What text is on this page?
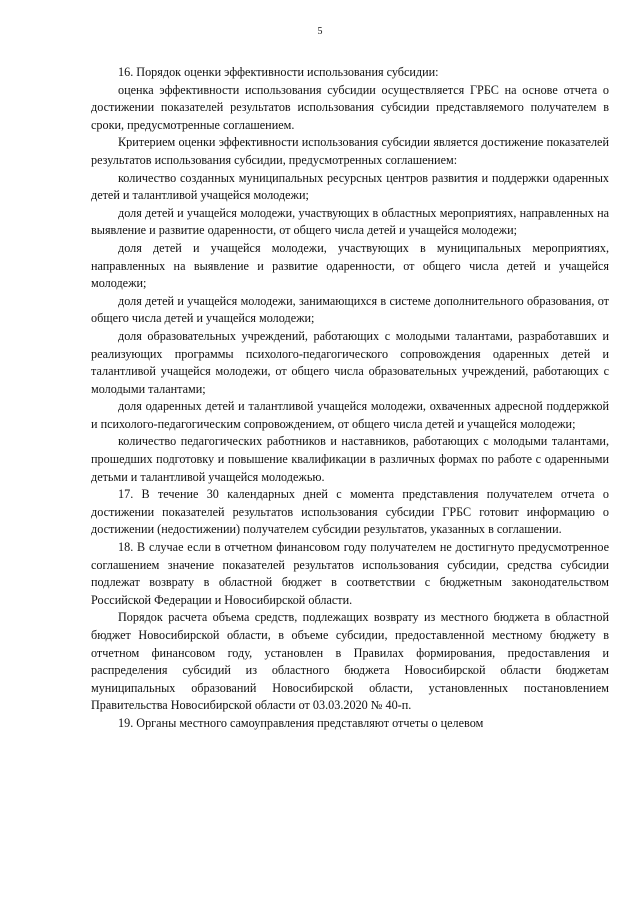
5

16. Порядок оценки эффективности использования субсидии:

оценка эффективности использования субсидии осуществляется ГРБС на основе отчета о достижении показателей результатов использования субсидии представляемого получателем в сроки, предусмотренные соглашением.

Критерием оценки эффективности использования субсидии является достижение показателей результатов использования субсидии, предусмотренных соглашением:

количество созданных муниципальных ресурсных центров развития и поддержки одаренных детей и талантливой учащейся молодежи;

доля детей и учащейся молодежи, участвующих в областных мероприятиях, направленных на выявление и развитие одаренности, от общего числа детей и учащейся молодежи;

доля детей и учащейся молодежи, участвующих в муниципальных мероприятиях, направленных на выявление и развитие одаренности, от общего числа детей и учащейся молодежи;

доля детей и учащейся молодежи, занимающихся в системе дополнительного образования, от общего числа детей и учащейся молодежи;

доля образовательных учреждений, работающих с молодыми талантами, разработавших и реализующих программы психолого-педагогического сопровождения одаренных детей и талантливой учащейся молодежи, от общего числа образовательных учреждений, работающих с молодыми талантами;

доля одаренных детей и талантливой учащейся молодежи, охваченных адресной поддержкой и психолого-педагогическим сопровождением, от общего числа детей и учащейся молодежи;

количество педагогических работников и наставников, работающих с молодыми талантами, прошедших подготовку и повышение квалификации в различных формах по работе с одаренными детьми и талантливой учащейся молодежью.

17. В течение 30 календарных дней с момента представления получателем отчета о достижении показателей результатов использования субсидии ГРБС готовит информацию о достижении (недостижении) получателем субсидии результатов, указанных в соглашении.

18. В случае если в отчетном финансовом году получателем не достигнуто предусмотренное соглашением значение показателей результатов использования субсидии, средства субсидии подлежат возврату в областной бюджет в соответствии с бюджетным законодательством Российской Федерации и Новосибирской области.

Порядок расчета объема средств, подлежащих возврату из местного бюджета в областной бюджет Новосибирской области, в объеме субсидии, предоставленной местному бюджету в отчетном финансовом году, установлен в Правилах формирования, предоставления и распределения субсидий из областного бюджета Новосибирской области бюджетам муниципальных образований Новосибирской области, установленных постановлением Правительства Новосибирской области от 03.03.2020 № 40-п.

19. Органы местного самоуправления представляют отчеты о целевом
